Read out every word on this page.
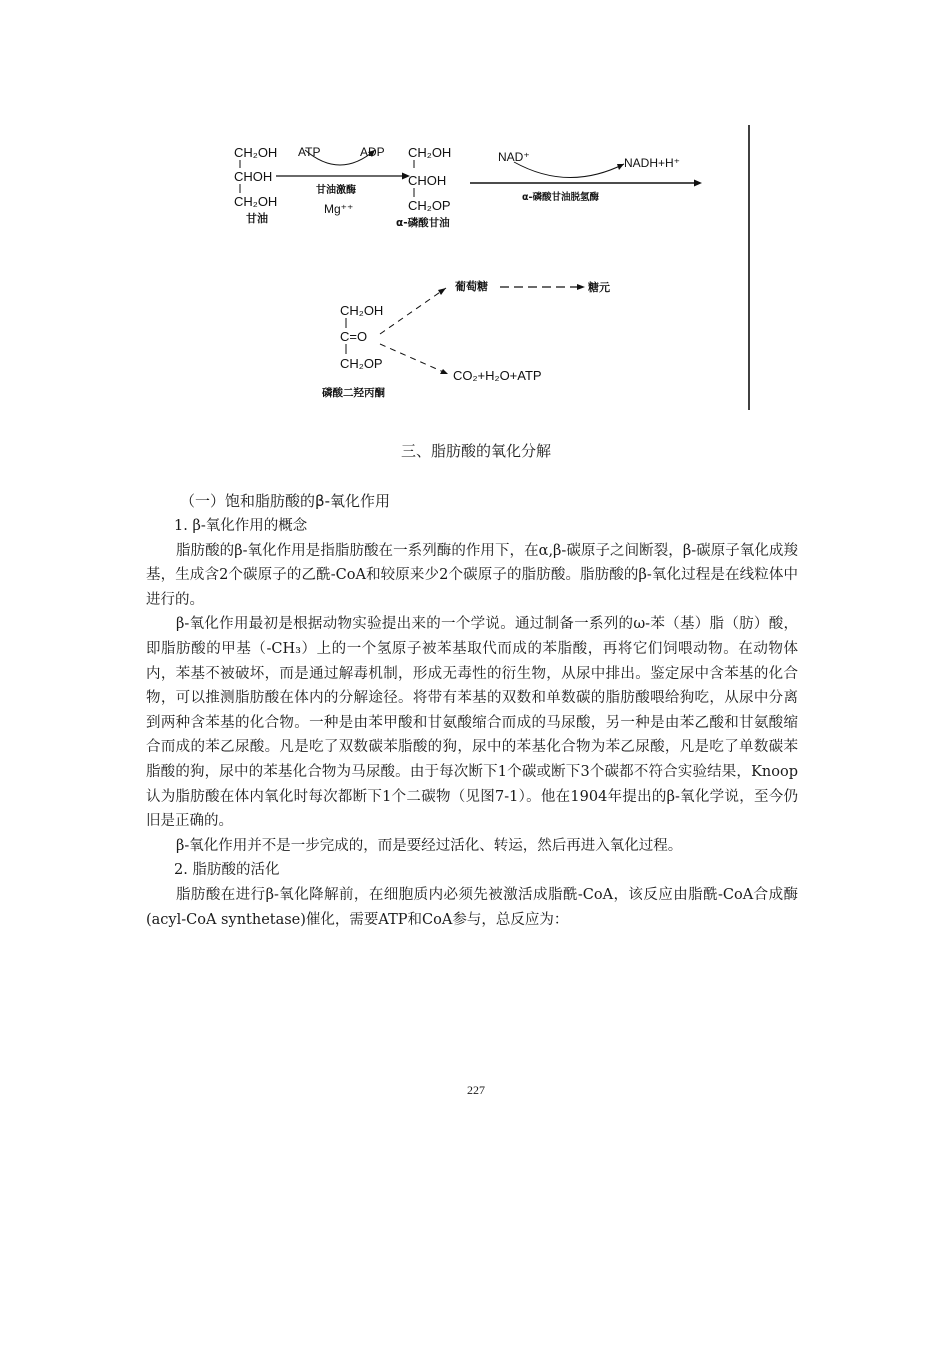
CH₂OH
CHOH
CH₂OH
甘油
ATP	ADP
甘油激酶
Mg⁺⁺
CH₂OH
CHOH
CH₂OP
α-磷酸甘油
NAD⁺	NADH+H⁺
α-磷酸甘油脱氢酶
CH₂OH
C=O
CH₂OP
磷酸二羟丙酮
葡萄糖	糖元
CO₂+H₂O+ATP
三、脂肪酸的氧化分解
（一）饱和脂肪酸的β-氧化作用

1. β-氧化作用的概念

脂肪酸的β-氧化作用是指脂肪酸在一系列酶的作用下，在α,β-碳原子之间断裂，β-碳原子氧化成羧基，生成含2个碳原子的乙酰-CoA和较原来少2个碳原子的脂肪酸。脂肪酸的β-氧化过程是在线粒体中进行的。

β-氧化作用最初是根据动物实验提出来的一个学说。通过制备一系列的ω-苯（基）脂（肪）酸，即脂肪酸的甲基（-CH₃）上的一个氢原子被苯基取代而成的苯脂酸，再将它们饲喂动物。在动物体内，苯基不被破坏，而是通过解毒机制，形成无毒性的衍生物，从尿中排出。鉴定尿中含苯基的化合物，可以推测脂肪酸在体内的分解途径。将带有苯基的双数和单数碳的脂肪酸喂给狗吃，从尿中分离到两种含苯基的化合物。一种是由苯甲酸和甘氨酸缩合而成的马尿酸，另一种是由苯乙酸和甘氨酸缩合而成的苯乙尿酸。凡是吃了双数碳苯脂酸的狗，尿中的苯基化合物为苯乙尿酸，凡是吃了单数碳苯脂酸的狗，尿中的苯基化合物为马尿酸。由于每次断下1个碳或断下3个碳都不符合实验结果，Knoop认为脂肪酸在体内氧化时每次都断下1个二碳物（见图7-1）。他在1904年提出的β-氧化学说，至今仍旧是正确的。

β-氧化作用并不是一步完成的，而是要经过活化、转运，然后再进入氧化过程。

2. 脂肪酸的活化

脂肪酸在进行β-氧化降解前，在细胞质内必须先被激活成脂酰-CoA，该反应由脂酰-CoA合成酶(acyl-CoA synthetase)催化，需要ATP和CoA参与，总反应为：

227
